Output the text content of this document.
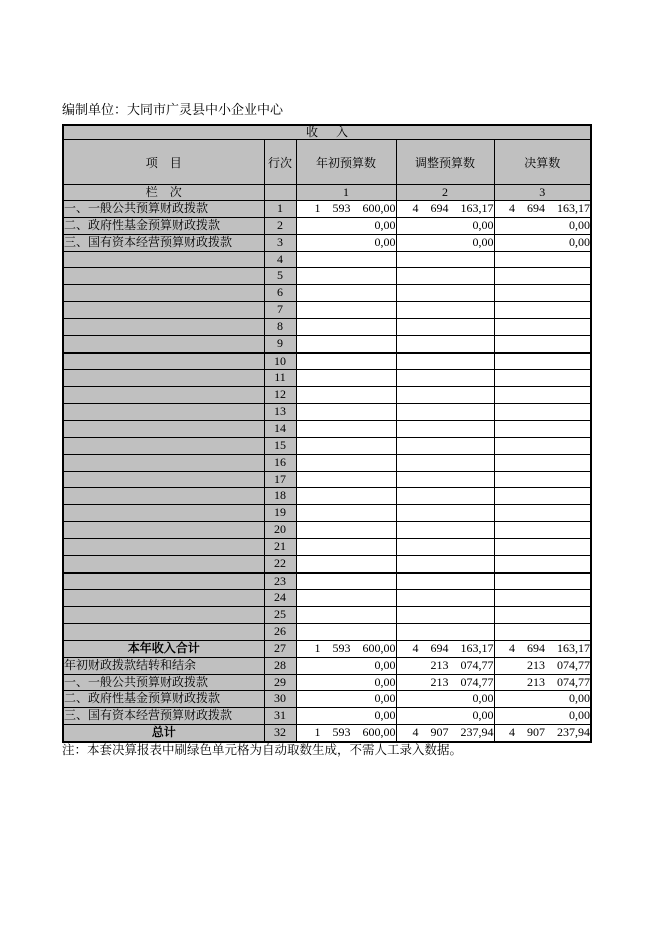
编制单位：大同市广灵县中小企业中心
收      入				
项    目	行次	年初预算数	调整预算数	决算数
栏    次		1	2	3
一、一般公共预算财政拨款	1	1 593 600,00	4 694 163,17	4 694 163,17
二、政府性基金预算财政拨款	2	0,00	0,00	0,00
三、国有资本经营预算财政拨款	3	0,00	0,00	0,00
	4			
	5			
	6			
	7			
	8			
	9			
	10			
	11			
	12			
	13			
	14			
	15			
	16			
	17			
	18			
	19			
	20			
	21			
	22			
	23			
	24			
	25			
	26			
本年收入合计	27	1 593 600,00	4 694 163,17	4 694 163,17
年初财政拨款结转和结余	28	0,00	213 074,77	213 074,77
一、一般公共预算财政拨款	29	0,00	213 074,77	213 074,77
二、政府性基金预算财政拨款	30	0,00	0,00	0,00
三、国有资本经营预算财政拨款	31	0,00	0,00	0,00
总计	32	1 593 600,00	4 907 237,94	4 907 237,94
注：本套决算报表中刷绿色单元格为自动取数生成，不需人工录入数据。
